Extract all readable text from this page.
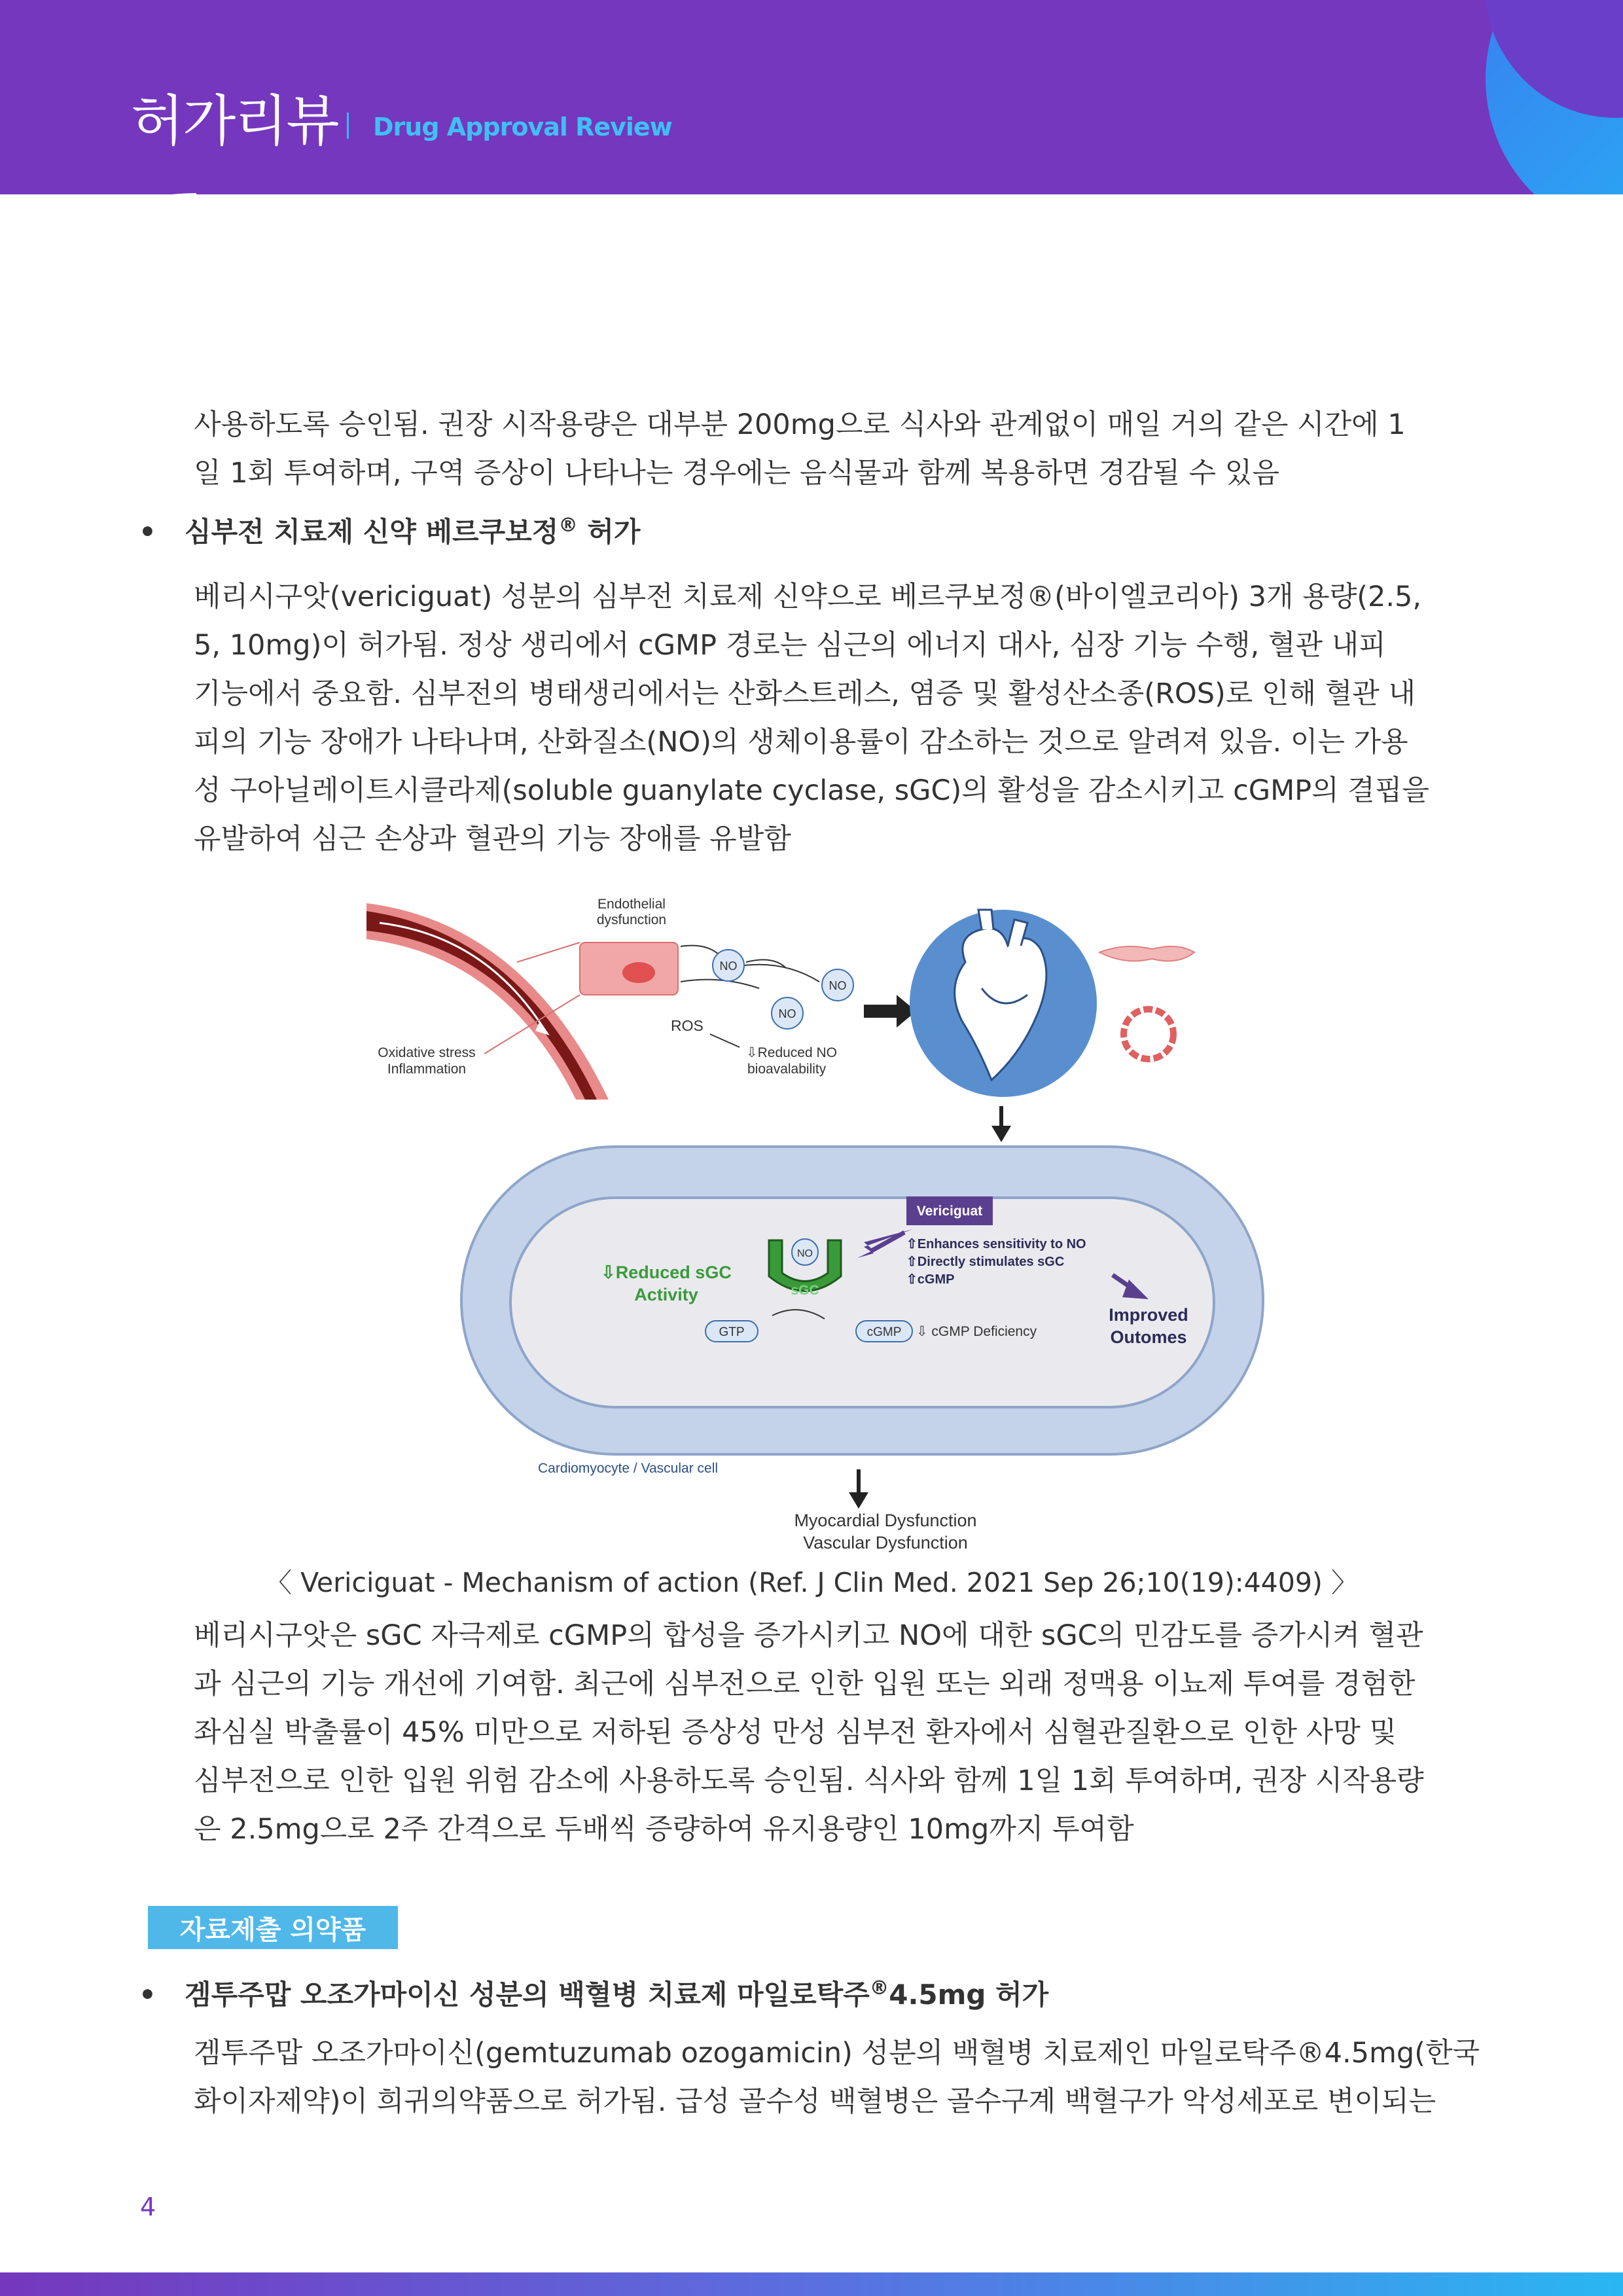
허가리뷰 Drug Approval Review
사용하도록 승인됨. 권장 시작용량은 대부분 200mg으로 식사와 관계없이 매일 거의 같은 시간에 1
일 1회 투여하며, 구역 증상이 나타나는 경우에는 음식물과 함께 복용하면 경감될 수 있음
• 심부전 치료제 신약 베르쿠보정® 허가
베리시구앗(vericiguat) 성분의 심부전 치료제 신약으로 베르쿠보정®(바이엘코리아) 3개 용량(2.5,
5, 10mg)이 허가됨. 정상 생리에서 cGMP 경로는 심근의 에너지 대사, 심장 기능 수행, 혈관 내피
기능에서 중요함. 심부전의 병태생리에서는 산화스트레스, 염증 및 활성산소종(ROS)로 인해 혈관 내
피의 기능 장애가 나타나며, 산화질소(NO)의 생체이용률이 감소하는 것으로 알려져 있음. 이는 가용
성 구아닐레이트시클라제(soluble guanylate cyclase, sGC)의 활성을 감소시키고 cGMP의 결핍을
유발하여 심근 손상과 혈관의 기능 장애를 유발함
Endothelial
dysfunction
NO
NO
NO
ROS
⇩Reduced NO
bioavalability
Oxidative stress
Inflammation
Vericiguat
⇧Enhances sensitivity to NO
⇧Directly stimulates sGC
⇧cGMP
Improved
Outomes
NO
sGC
⇩Reduced sGC
Activity
GTP	cGMP ⇩ cGMP Deficiency
Cardiomyocyte / Vascular cell
Myocardial Dysfunction
Vascular Dysfunction
〈 Vericiguat - Mechanism of action (Ref. J Clin Med. 2021 Sep 26;10(19):4409) 〉
베리시구앗은 sGC 자극제로 cGMP의 합성을 증가시키고 NO에 대한 sGC의 민감도를 증가시켜 혈관
과 심근의 기능 개선에 기여함. 최근에 심부전으로 인한 입원 또는 외래 정맥용 이뇨제 투여를 경험한
좌심실 박출률이 45% 미만으로 저하된 증상성 만성 심부전 환자에서 심혈관질환으로 인한 사망 및
심부전으로 인한 입원 위험 감소에 사용하도록 승인됨. 식사와 함께 1일 1회 투여하며, 권장 시작용량
은 2.5mg으로 2주 간격으로 두배씩 증량하여 유지용량인 10mg까지 투여함
자료제출 의약품
• 겜투주맙 오조가마이신 성분의 백혈병 치료제 마일로탁주®4.5mg 허가
겜투주맙 오조가마이신(gemtuzumab ozogamicin) 성분의 백혈병 치료제인 마일로탁주®4.5mg(한국
화이자제약)이 희귀의약품으로 허가됨. 급성 골수성 백혈병은 골수구계 백혈구가 악성세포로 변이되는
4
